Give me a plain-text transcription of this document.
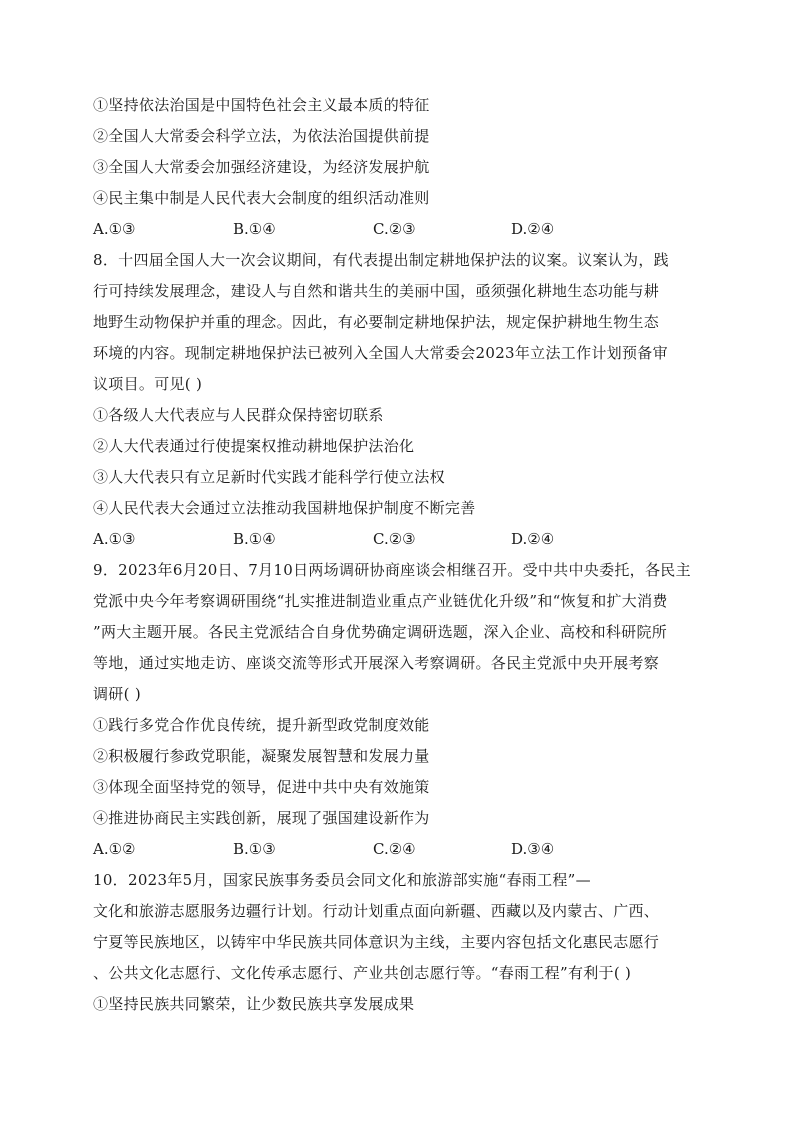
①坚持依法治国是中国特色社会主义最本质的特征
②全国人大常委会科学立法，为依法治国提供前提
③全国人大常委会加强经济建设，为经济发展护航
④民主集中制是人民代表大会制度的组织活动准则
A.①③	B.①④	C.②③	D.②④
8．十四届全国人大一次会议期间，有代表提出制定耕地保护法的议案。议案认为，践
行可持续发展理念，建设人与自然和谐共生的美丽中国，亟须强化耕地生态功能与耕
地野生动物保护并重的理念。因此，有必要制定耕地保护法，规定保护耕地生物生态
环境的内容。现制定耕地保护法已被列入全国人大常委会2023年立法工作计划预备审
议项目。可见( )
①各级人大代表应与人民群众保持密切联系
②人大代表通过行使提案权推动耕地保护法治化
③人大代表只有立足新时代实践才能科学行使立法权
④人民代表大会通过立法推动我国耕地保护制度不断完善
A.①③	B.①④	C.②③	D.②④
9．2023年6月20日、7月10日两场调研协商座谈会相继召开。受中共中央委托，各民主
党派中央今年考察调研围绕“扎实推进制造业重点产业链优化升级”和“恢复和扩大消费
”两大主题开展。各民主党派结合自身优势确定调研选题，深入企业、高校和科研院所
等地，通过实地走访、座谈交流等形式开展深入考察调研。各民主党派中央开展考察
调研( )
①践行多党合作优良传统，提升新型政党制度效能
②积极履行参政党职能，凝聚发展智慧和发展力量
③体现全面坚持党的领导，促进中共中央有效施策
④推进协商民主实践创新，展现了强国建设新作为
A.①②	B.①③	C.②④	D.③④
10．2023年5月，国家民族事务委员会同文化和旅游部实施“春雨工程”—
文化和旅游志愿服务边疆行计划。行动计划重点面向新疆、西藏以及内蒙古、广西、
宁夏等民族地区，以铸牢中华民族共同体意识为主线，主要内容包括文化惠民志愿行
、公共文化志愿行、文化传承志愿行、产业共创志愿行等。“春雨工程”有利于( )
①坚持民族共同繁荣，让少数民族共享发展成果
